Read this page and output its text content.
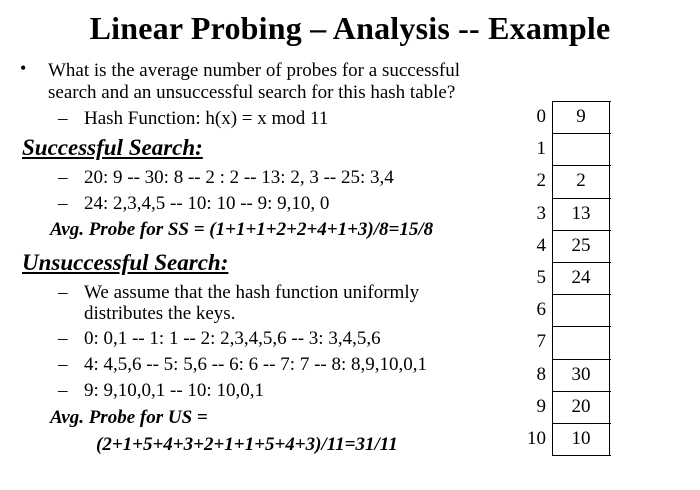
Linear Probing – Analysis -- Example
• What is the average number of probes for a successful
search and an unsuccessful search for this hash table?
– Hash Function: h(x) = x mod 11
Successful Search:
– 20: 9 -- 30: 8 -- 2 : 2 -- 13: 2, 3 -- 25: 3,4
– 24: 2,3,4,5 -- 10: 10 -- 9: 9,10, 0
Avg. Probe for SS = (1+1+1+2+2+4+1+3)/8=15/8
Unsuccessful Search:
– We assume that the hash function uniformly
distributes the keys.
– 0: 0,1 -- 1: 1 -- 2: 2,3,4,5,6 -- 3: 3,4,5,6
– 4: 4,5,6 -- 5: 5,6 -- 6: 6 -- 7: 7 -- 8: 8,9,10,0,1
– 9: 9,10,0,1 -- 10: 10,0,1
Avg. Probe for US =
(2+1+5+4+3+2+1+1+5+4+3)/11=31/11
0	9
1
2	2
3	13
4	25
5	24
6
7
8	30
9	20
10	10
